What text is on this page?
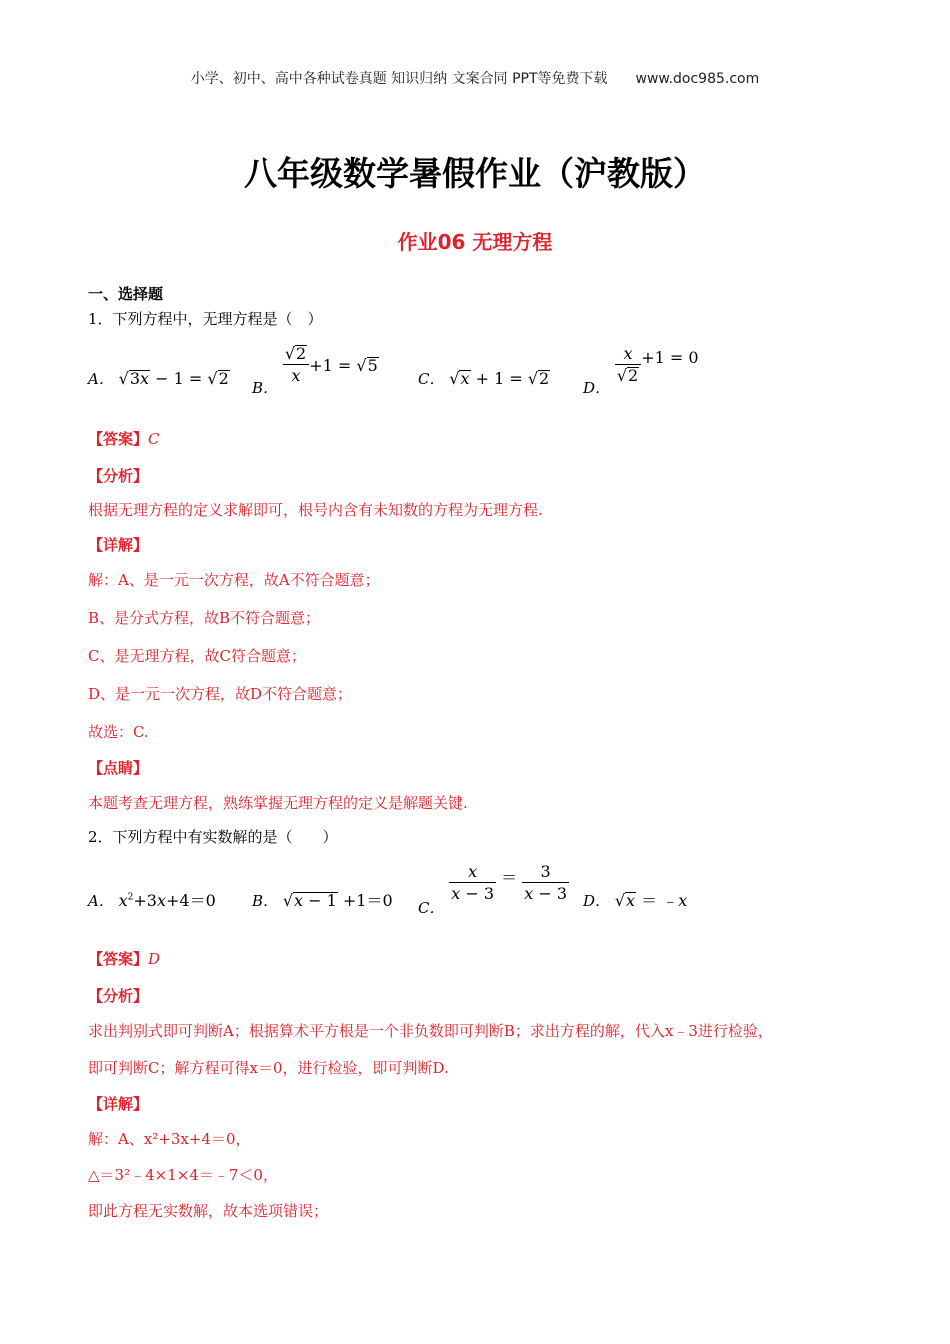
小学、初中、高中各种试卷真题 知识归纳 文案合同 PPT等免费下载 www.doc985.com
八年级数学暑假作业（沪教版）
作业06 无理方程
一、选择题
1．下列方程中，无理方程是（　）
A． √3x − 1 = √2 B．
$\frac{√2}{x} +1 = √5$
C． √x + 1 = √2 D．
$\frac{x}{√2} +1 = 0$
【答案】C
【分析】
根据无理方程的定义求解即可，根号内含有未知数的方程为无理方程.
【详解】
解：A、是一元一次方程，故A不符合题意；
B、是分式方程，故B不符合题意；
C、是无理方程，故C符合题意；
D、是一元一次方程，故D不符合题意；
故选：C.
【点睛】
本题考查无理方程，熟练掌握无理方程的定义是解题关键.
2．下列方程中有实数解的是（　　）
A． $x^2+3x+4=0$ B． √x − 1 +1＝0 C．
$\frac{x}{x - 3} = \frac{3}{x - 3}$ D． √x ＝ ﹣x
【答案】D
【分析】
求出判别式即可判断A；根据算术平方根是一个非负数即可判断B；求出方程的解，代入x﹣3进行检验，
即可判断C；解方程可得x＝0，进行检验，即可判断D.
【详解】
解：A、x²+3x+4＝0，
△＝3²﹣4×1×4＝﹣7＜0，
即此方程无实数解，故本选项错误；
